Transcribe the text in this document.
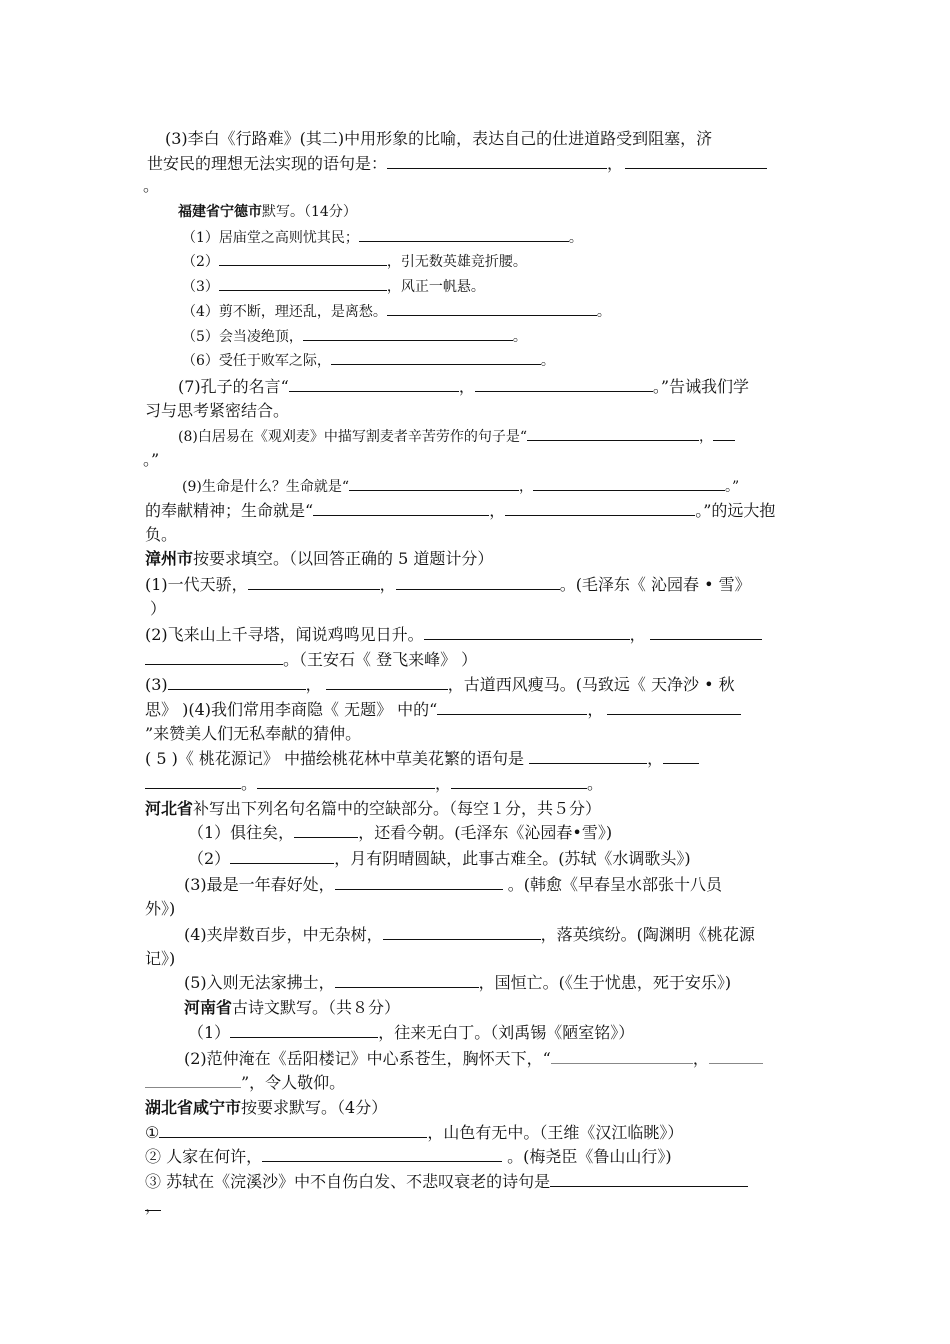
(3)李白《行路难》(其二)中用形象的比喻，表达自己的仕进道路受到阻塞，济
世安民的理想无法实现的语句是：	，
。
福建省宁德市默写。（14分）
（1）居庙堂之高则忧其民；	。
（2）	，引无数英雄竞折腰。
（3）	，风正一帆悬。
（4）剪不断，理还乱，是离愁。	。
（5）会当凌绝顶，	。
（6）受任于败军之际，	。
(7)孔子的名言“	，	。”告诫我们学
习与思考紧密结合。
(8)白居易在《观刈麦》中描写割麦者辛苦劳作的句子是“	，
。”
(9)生命是什么？生命就是“	，	。”
的奉献精神；生命就是“	，	。”的远大抱
负。
漳州市按要求填空。（以回答正确的 5 道题计分）
(1)一代天骄，	，	。(毛泽东《 沁园春 • 雪》
）
(2)飞来山上千寻塔，闻说鸡鸣见日升。	，
。（王安石《 登飞来峰》 ）
(3)	，	，古道西风瘦马。(马致远《 天净沙 • 秋
思》 )(4)我们常用李商隐《 无题》 中的“	，
”来赞美人们无私奉献的猜伸。
( 5 )《 桃花源记》 中描绘桃花林中草美花繁的语句是	，
。	，	。
河北省补写出下列名句名篇中的空缺部分。（每空１分，共５分）
（1）俱往矣，	，还看今朝。(毛泽东《沁园春•雪》)
（2）	，月有阴晴圆缺，此事古难全。(苏轼《水调歌头》)
(3)最是一年春好处，	。(韩愈《早春呈水部张十八员
外》)
(4)夹岸数百步，中无杂树，	，落英缤纷。(陶渊明《桃花源
记》)
(5)入则无法家拂士，	，国恒亡。(《生于忧患，死于安乐》)
河南省古诗文默写。（共８分）
（1）	，往来无白丁。（刘禹锡《陋室铭》）
(2)范仲淹在《岳阳楼记》中心系苍生，胸怀天下，“	，
”，令人敬仰。
湖北省咸宁市按要求默写。（4分）
①	，山色有无中。（王维《汉江临眺》）
② 人家在何许，	。(梅尧臣《鲁山山行》)
③ 苏轼在《浣溪沙》中不自伤白发、不悲叹衰老的诗句是
，
